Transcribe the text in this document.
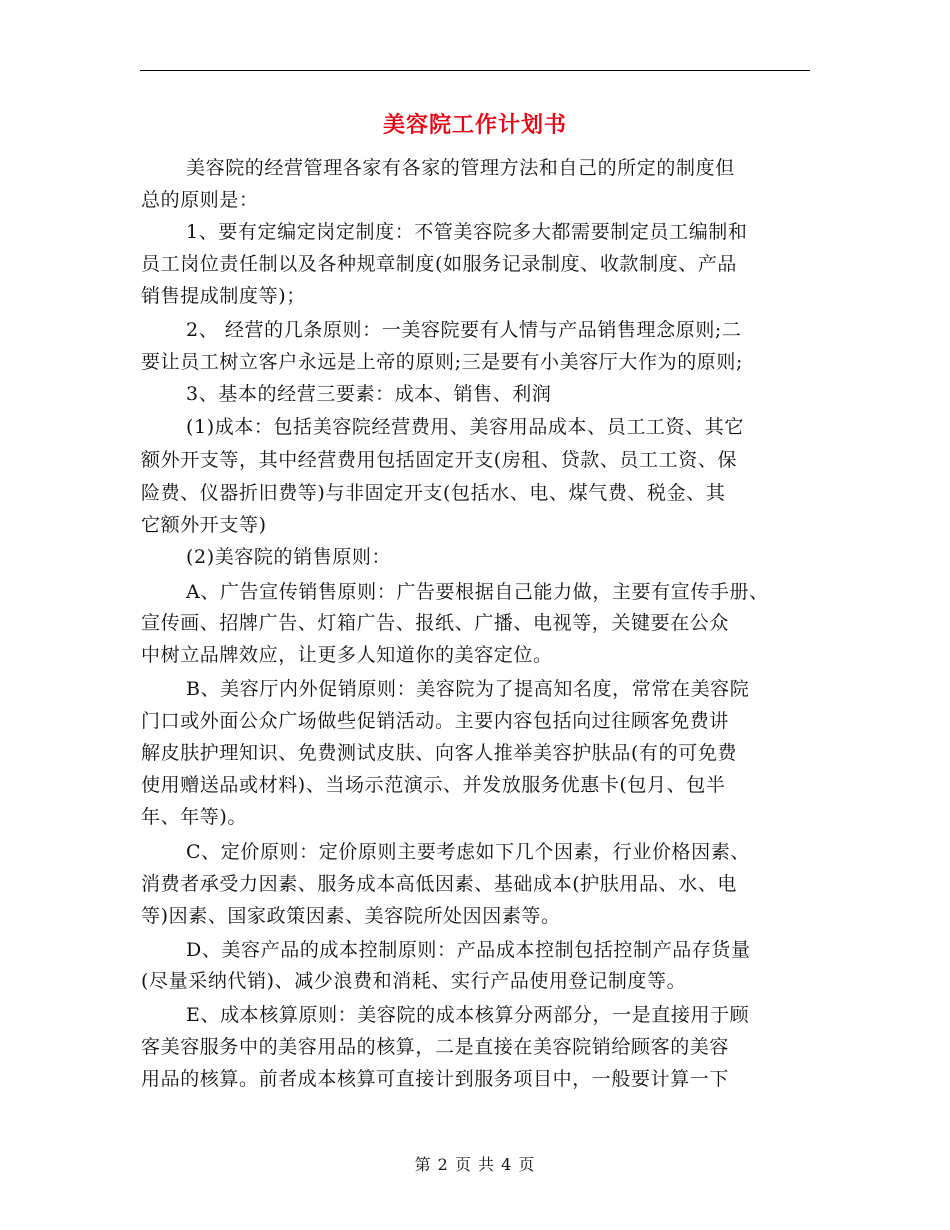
美容院工作计划书
美容院的经营管理各家有各家的管理方法和自己的所定的制度但
总的原则是：
1、要有定编定岗定制度：不管美容院多大都需要制定员工编制和
员工岗位责任制以及各种规章制度(如服务记录制度、收款制度、产品
销售提成制度等)；
2、 经营的几条原则：一美容院要有人情与产品销售理念原则;二
要让员工树立客户永远是上帝的原则;三是要有小美容厅大作为的原则;
3、基本的经营三要素：成本、销售、利润
(1)成本：包括美容院经营费用、美容用品成本、员工工资、其它
额外开支等，其中经营费用包括固定开支(房租、贷款、员工工资、保
险费、仪器折旧费等)与非固定开支(包括水、电、煤气费、税金、其
它额外开支等)
(2)美容院的销售原则：
A、广告宣传销售原则：广告要根据自己能力做，主要有宣传手册、
宣传画、招牌广告、灯箱广告、报纸、广播、电视等，关键要在公众
中树立品牌效应，让更多人知道你的美容定位。
B、美容厅内外促销原则：美容院为了提高知名度，常常在美容院
门口或外面公众广场做些促销活动。主要内容包括向过往顾客免费讲
解皮肤护理知识、免费测试皮肤、向客人推举美容护肤品(有的可免费
使用赠送品或材料)、当场示范演示、并发放服务优惠卡(包月、包半
年、年等)。
C、定价原则：定价原则主要考虑如下几个因素，行业价格因素、
消费者承受力因素、服务成本高低因素、基础成本(护肤用品、水、电
等)因素、国家政策因素、美容院所处因因素等。
D、美容产品的成本控制原则：产品成本控制包括控制产品存货量
(尽量采纳代销)、减少浪费和消耗、实行产品使用登记制度等。
E、成本核算原则：美容院的成本核算分两部分，一是直接用于顾
客美容服务中的美容用品的核算，二是直接在美容院销给顾客的美容
用品的核算。前者成本核算可直接计到服务项目中，一般要计算一下
第 2 页 共 4 页
